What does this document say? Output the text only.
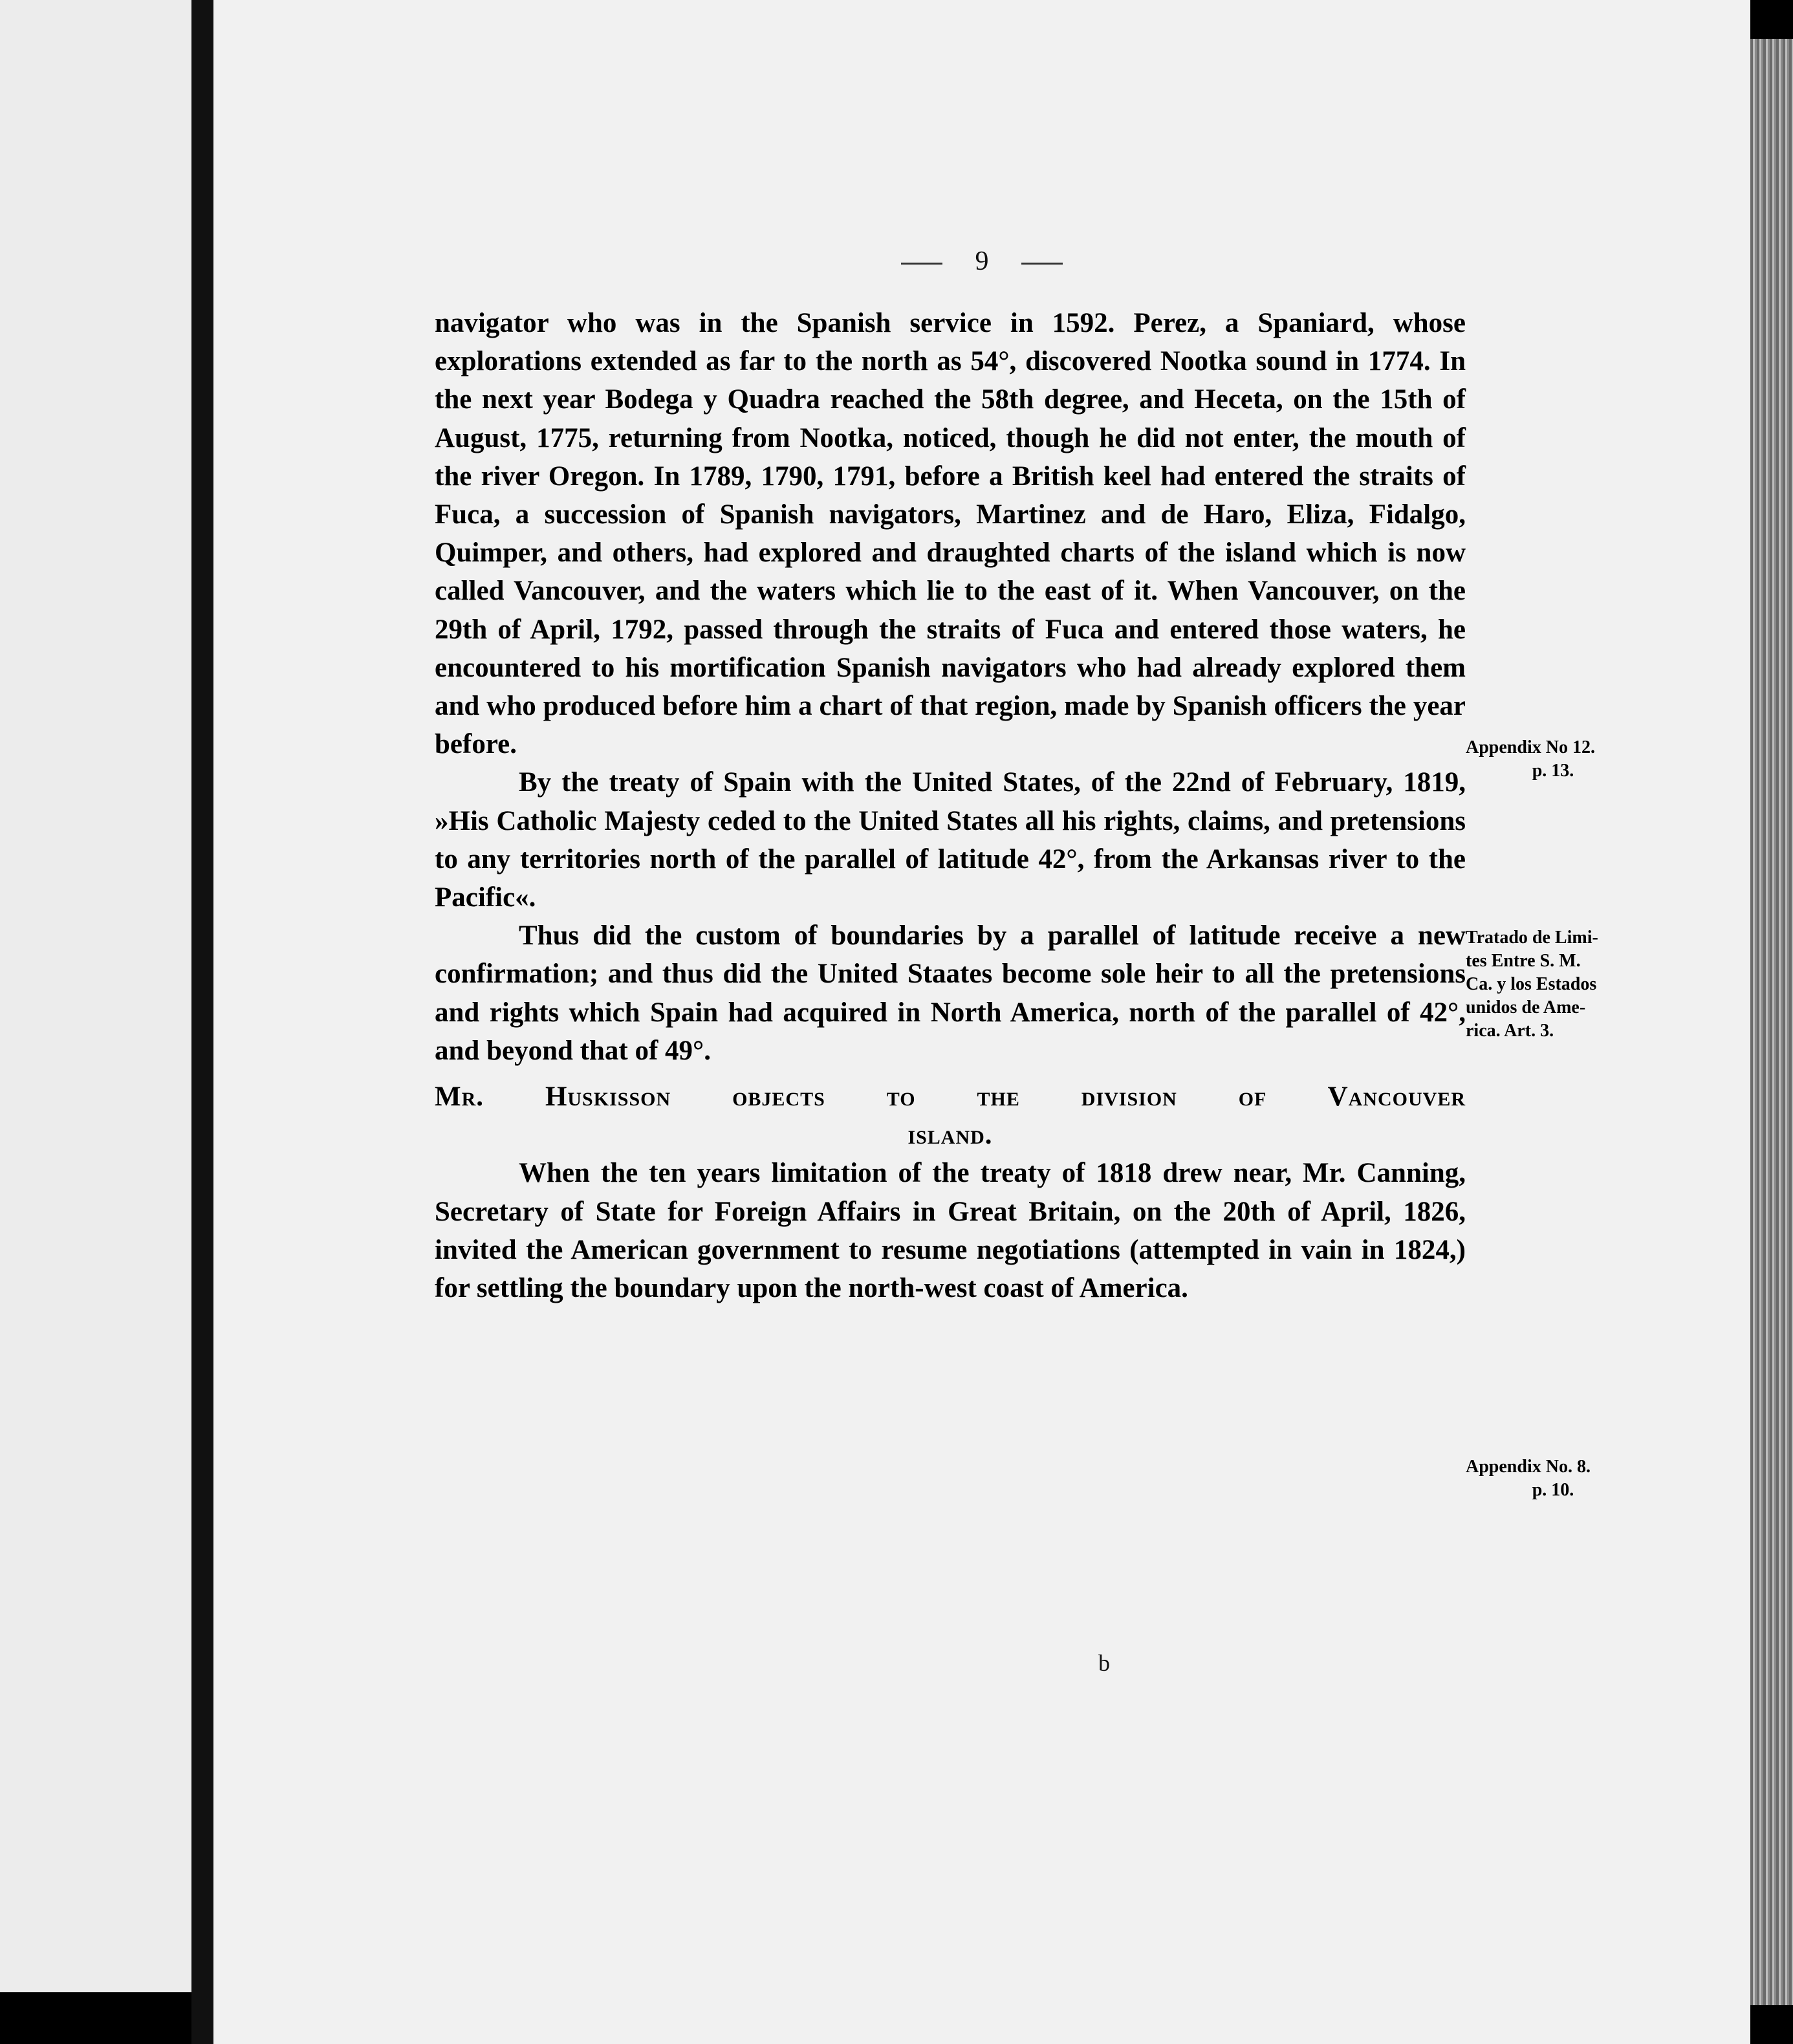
9

navigator who was in the Spanish service in 1592. Perez, a Spaniard, whose explorations extended as far to the north as 54°, discovered Nootka sound in 1774. In the next year Bodega y Quadra reached the 58th degree, and Heceta, on the 15th of August, 1775, returning from Nootka, noticed, though he did not enter, the mouth of the river Oregon. In 1789, 1790, 1791, before a British keel had entered the straits of Fuca, a succession of Spanish navigators, Martinez and de Haro, Eliza, Fidalgo, Quimper, and others, had explored and draughted charts of the island which is now called Vancouver, and the waters which lie to the east of it. When Vancouver, on the 29th of April, 1792, passed through the straits of Fuca and entered those waters, he encountered to his mortification Spanish navigators who had already explored them and who produced before him a chart of that region, made by Spanish officers the year before.

By the treaty of Spain with the United States, of the 22nd of February, 1819, »His Catholic Majesty ceded to the United States all his rights, claims, and pretensions to any territories north of the parallel of latitude 42°, from the Arkansas river to the Pacific«.

Thus did the custom of boundaries by a parallel of latitude receive a new confirmation; and thus did the United Staates become sole heir to all the pretensions and rights which Spain had acquired in North America, north of the parallel of 42°, and beyond that of 49°.

Mr. Huskisson objects to the division of Vancouver
island.

When the ten years limitation of the treaty of 1818 drew near, Mr. Canning, Secretary of State for Foreign Affairs in Great Britain, on the 20th of April, 1826, invited the American government to resume negotiations (attempted in vain in 1824,) for settling the boundary upon the north-west coast of America.

Appendix No 12.
p. 13.
Tratado de Limi-
tes Entre S. M.
Ca. y los Estados
unidos de Ame-
rica. Art. 3.
Appendix No. 8.
p. 10.
b
